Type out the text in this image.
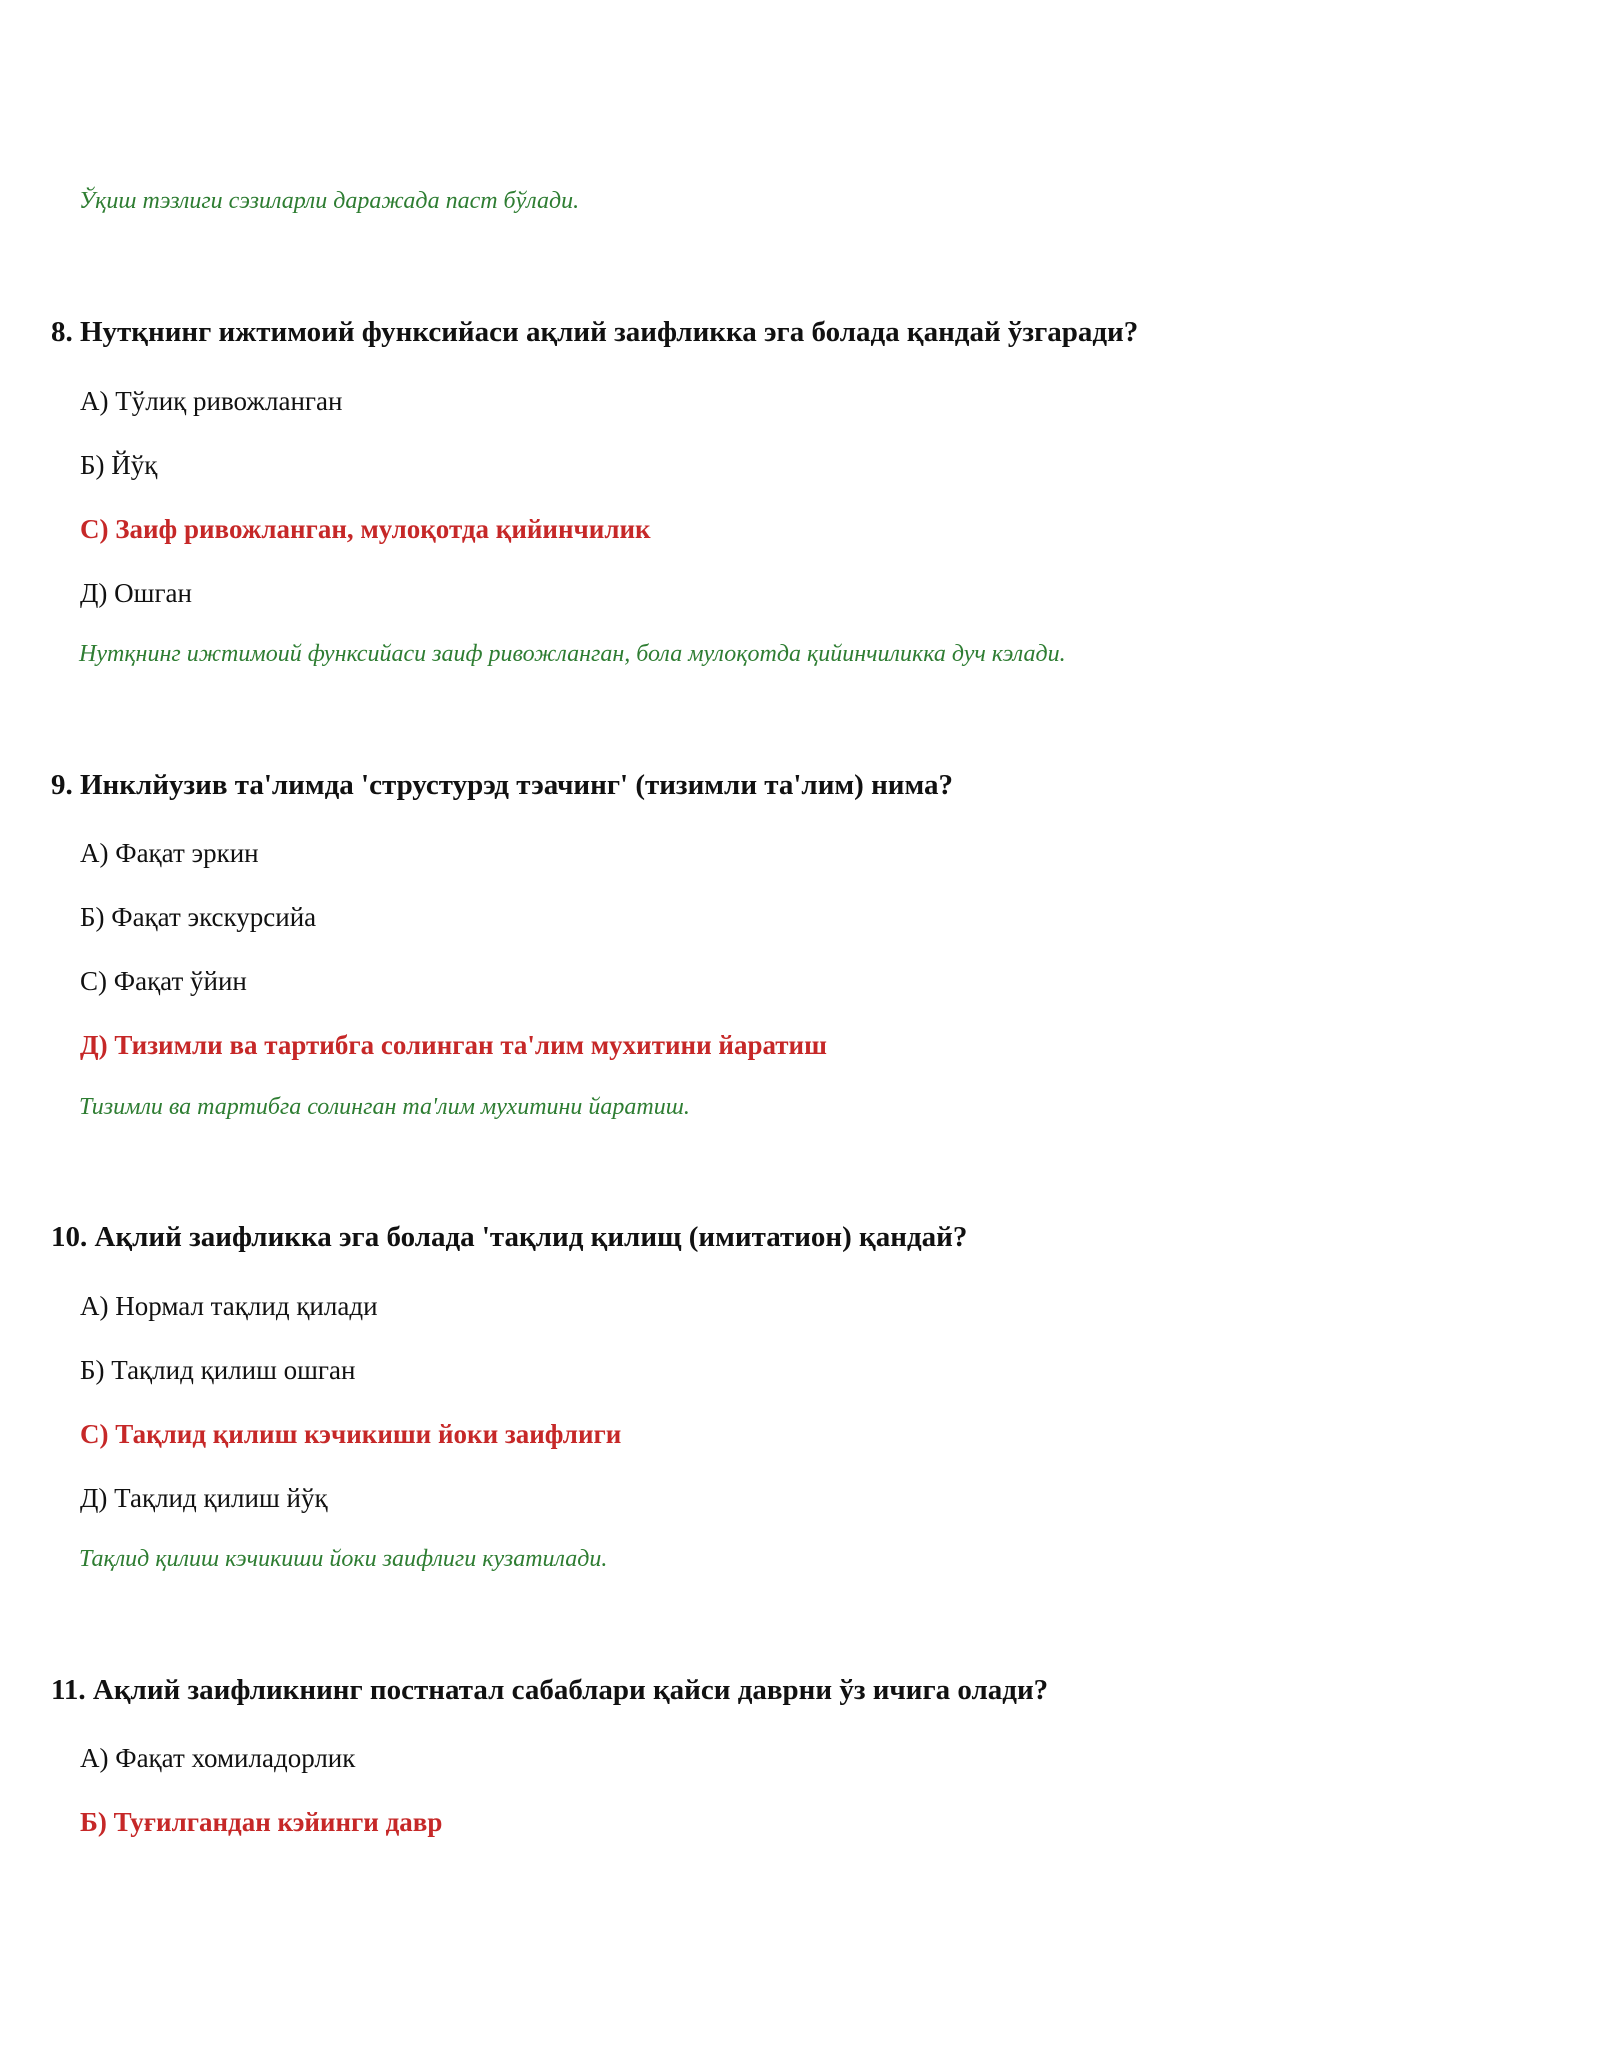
Ўқиш тэзлиги сэзиларли даражада паст бўлади.
8. Нутқнинг ижтимоий функсийаси ақлий заифликка эга болада қандай ўзгаради?
А) Тўлиқ ривожланган
Б) Йўқ
С) Заиф ривожланган, мулоқотда қийинчилик
Д) Ошган
Нутқнинг ижтимоий функсийаси заиф ривожланган, бола мулоқотда қийинчиликка дуч кэлади.
9. Инклйузив та'лимда 'струстурэд тэачинг' (тизимли та'лим) нима?
А) Фақат эркин
Б) Фақат экскурсийа
С) Фақат ўйин
Д) Тизимли ва тартибга солинган та'лим мухитини йаратиш
Тизимли ва тартибга солинган та'лим мухитини йаратиш.
10. Ақлий заифликка эга болада 'тақлид қилищ (имитатион) қандай?
А) Нормал тақлид қилади
Б) Тақлид қилиш ошган
С) Тақлид қилиш кэчикиши йоки заифлиги
Д) Тақлид қилиш йўқ
Тақлид қилиш кэчикиши йоки заифлиги кузатилади.
11. Ақлий заифликнинг постнатал сабаблари қайси даврни ўз ичига олади?
А) Фақат хомиладорлик
Б) Туғилгандан кэйинги давр
